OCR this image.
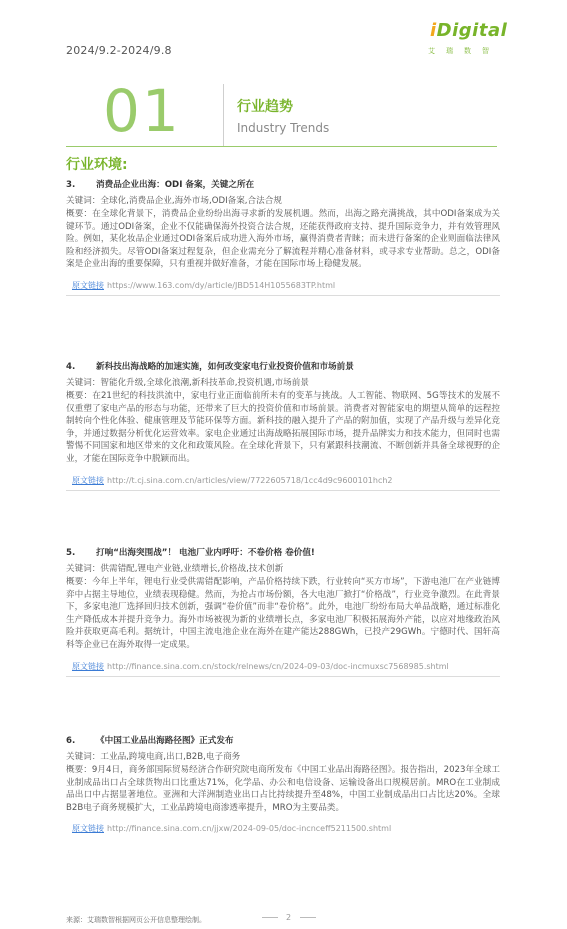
2024/9.2-2024/9.8
iDigital
艾瑞数智
01	行业趋势
Industry Trends
行业环境:
3. 消费品企业出海：ODI 备案，关键之所在
关键词：全球化,消费品企业,海外市场,ODI备案,合法合规
概要：在全球化背景下，消费品企业纷纷出海寻求新的发展机遇。然而，出海之路充满挑战，其中ODI备案成为关键环节。通过ODI备案，企业不仅能确保海外投资合法合规，还能获得政府支持、提升国际竞争力，并有效管理风险。例如，某化妆品企业通过ODI备案后成功进入海外市场，赢得消费者青睐；而未进行备案的企业则面临法律风险和经济损失。尽管ODI备案过程复杂，但企业需充分了解流程并精心准备材料，或寻求专业帮助。总之，ODI备案是企业出海的重要保障，只有重视并做好准备，才能在国际市场上稳健发展。
原文链接 https://www.163.com/dy/article/JBD514H1055683TP.html
4. 新科技出海战略的加速实施，如何改变家电行业投资价值和市场前景
关键词：智能化升级,全球化浪潮,新科技革命,投资机遇,市场前景
概要：在21世纪的科技洪流中，家电行业正面临前所未有的变革与挑战。人工智能、物联网、5G等技术的发展不仅重塑了家电产品的形态与功能，还带来了巨大的投资价值和市场前景。消费者对智能家电的期望从简单的远程控制转向个性化体验、健康管理及节能环保等方面。新科技的融入提升了产品的附加值，实现了产品升级与差异化竞争，并通过数据分析优化运营效率。家电企业通过出海战略拓展国际市场，提升品牌实力和技术能力，但同时也需警惕不同国家和地区带来的文化和政策风险。在全球化背景下，只有紧跟科技潮流、不断创新并具备全球视野的企业，才能在国际竞争中脱颖而出。
原文链接 http://t.cj.sina.com.cn/articles/view/7722605718/1cc4d9c9600101hch2
5. 打响“出海突围战”！ 电池厂业内呼吁：不卷价格 卷价值!
关键词：供需错配,锂电产业链,业绩增长,价格战,技术创新
概要：今年上半年，锂电行业受供需错配影响，产品价格持续下跌，行业转向“买方市场”，下游电池厂在产业链博弈中占据主导地位，业绩表现稳健。然而，为抢占市场份额，各大电池厂掀打“价格战”，行业竞争激烈。在此背景下，多家电池厂选择回归技术创新，强调“卷价值”而非“卷价格”。此外，电池厂纷纷布局大单品战略，通过标准化生产降低成本并提升竞争力。海外市场被视为新的业绩增长点，多家电池厂积极拓展海外产能，以应对地缘政治风险并获取更高毛利。据统计，中国主流电池企业在海外在建产能达288GWh，已投产29GWh。宁德时代、国轩高科等企业已在海外取得一定成果。
原文链接 http://finance.sina.com.cn/stock/relnews/cn/2024-09-03/doc-incmuxsc7568985.shtml
6. 《中国工业品出海路径图》正式发布
关键词：工业品,跨境电商,出口,B2B,电子商务
概要：9月4日，商务部国际贸易经济合作研究院电商所发布《中国工业品出海路径图》。报告指出，2023年全球工业制成品出口占全球货物出口比重达71%，化学品、办公和电信设备、运输设备出口规模居前。MRO在工业制成品出口中占据显著地位。亚洲和大洋洲制造业出口占比持续提升至48%，中国工业制成品出口占比达20%。全球B2B电子商务规模扩大，工业品跨境电商渗透率提升，MRO为主要品类。
原文链接 http://finance.sina.com.cn/jjxw/2024-09-05/doc-incnceff5211500.shtml
来源：艾瑞数智根据网页公开信息整理绘制。	2
